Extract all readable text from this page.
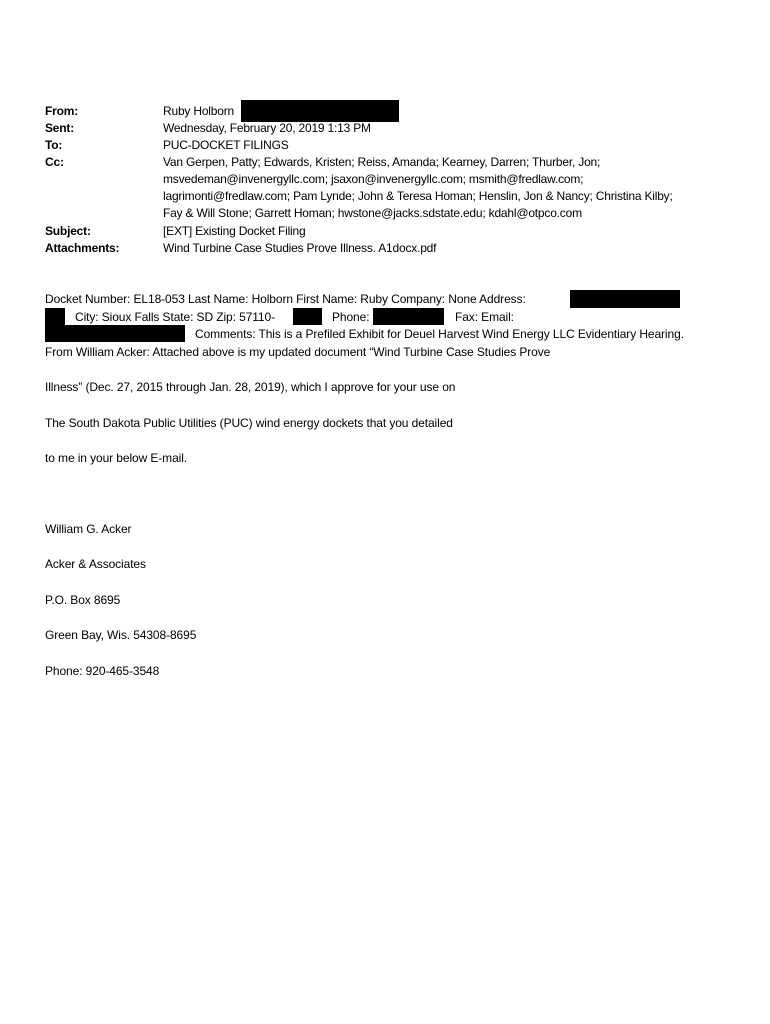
From:	Ruby Holborn
Sent:	Wednesday, February 20, 2019 1:13 PM
To:	PUC-DOCKET FILINGS
Cc:	Van Gerpen, Patty; Edwards, Kristen; Reiss, Amanda; Kearney, Darren; Thurber, Jon;
msvedeman@invenergyllc.com; jsaxon@invenergyllc.com; msmith@fredlaw.com;
lagrimonti@fredlaw.com; Pam Lynde; John & Teresa Homan; Henslin, Jon & Nancy; Christina Kilby;
Fay & Will Stone; Garrett Homan; hwstone@jacks.sdstate.edu; kdahl@otpco.com
Subject:	[EXT] Existing Docket Filing
Attachments:	Wind Turbine Case Studies Prove Illness. A1docx.pdf
Docket Number: EL18-053 Last Name: Holborn First Name: Ruby Company: None Address:
City: Sioux Falls State: SD Zip: 57110-	Phone:	Fax: Email:
Comments: This is a Prefiled Exhibit for Deuel Harvest Wind Energy LLC Evidentiary Hearing.
From William Acker: Attached above is my updated document “Wind Turbine Case Studies Prove
Illness” (Dec. 27, 2015 through Jan. 28, 2019), which I approve for your use on
The South Dakota Public Utilities (PUC) wind energy dockets that you detailed
to me in your below E-mail.
William G. Acker
Acker & Associates
P.O. Box 8695
Green Bay, Wis. 54308-8695
Phone: 920-465-3548
